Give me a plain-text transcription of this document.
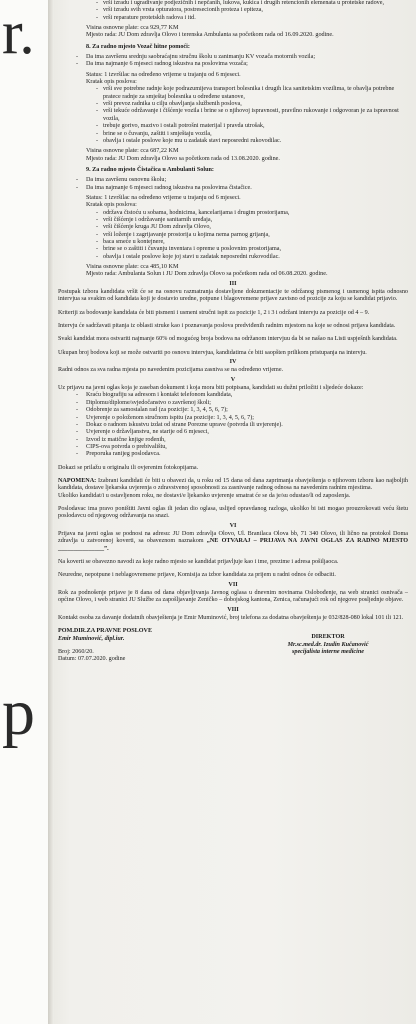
r.
p

- vrši izradu i ugradivanje podjezičnih i nepčanih, lukova, kukica i drugih retencionih elemenata u protetske radove,

- vrši izradu svih vrsta opturatora, postresecionih proteza i epiteza,

- vrši reparature protetskih radova i itd.

Visina osnovne plate: cca 929,77 KM

Mjesto rada: JU Dom zdravlja Olovo i terenska Ambulanta sa početkom rada od 16.09.2020. godine.

8. Za radno mjesto Vozač hitne pomoći:

- Da ima završenu srednju saobraćajnu stručnu školu u zanimanju KV vozača motornih vozila;

- Da ima najmanje 6 mjeseci radnog iskustva na poslovima vozača;

Status: 1 izvršilac na određeno vrijeme u trajanju od 6 mjeseci.

Kratak opis poslova:

- vrši sve potrebne radnje koje podrazumijeva transport bolesnika i drugih lica sanitetskim vozilima, te obavlja potrebne pratece radnje za smještaj bolesnika u određene ustanove,

- vrši prevoz radnika u cilju obavljanja službenih poslova,

- vrši tekuće održavanje i čišćenje vozila i brine se o njihovoj ispravnosti, pravilno rukovanje i odgovoran je za ispravnost vozila,

- trebuje gorivo, mazivo i ostali potrošni materijal i pravda utrošak,

- brine se o čuvanju, zaštiti i smještaju vozila,

- obavlja i ostale poslove koje mu u zadatak stavi neposredni rukovodilac.

Visina osnovne plate: cca 687,22 KM

Mjesto rada: JU Dom zdravlja Olovo sa početkom rada od 13.08.2020. godine.

9. Za radno mjesto Čistačica u Ambulanti Solun:

- Da ima završenu osnovnu školu;

- Da ima najmanje 6 mjeseci radnog iskustva na poslovima čistačice.

Status: 1 izvršilac na određeno vrijeme u trajanju od 6 mjeseci.

Kratak opis poslova:

- održava čistoću u sobama, hodnicima, kancelarijama i drugim prostorijama,

- vrši čišćenje i održavanje sanitarnih uređaja,

- vrši čišćenje kruga JU Dom zdravlja Olovo,

- vrši loženje i zagrijavanje prostorija u kojima nema parnog grijanja,

- baca smeće u kontejnere,

- brine se o zaštiti i čuvanju inventara i opreme u poslovnim prostorijama,

- obavlja i ostale poslove koje joj stavi u zadatak neposredni rukovodilac.

Visina osnovne plate: cca 485,10 KM

Mjesto rada: Ambulanta Solun i JU Dom zdravlja Olovo sa početkom rada od 06.08.2020. godine.

III

Postupak izbora kandidata vršit će se na osnovu razmatranja dostavljene dokumentacije te održanog pismenog i usmenog ispita odnosno intervjua sa svakim od kandidata koji je dostavio uredne, potpune i blagovremene prijave zavisno od pozicije za koju se kandidat prijavio.

Kriteriji za bodovanje kandidata će biti pismeni i usmeni stručni ispit za pozicije 1, 2 i 3 i održani intervju za pozicije od 4 – 9.

Intervju će sadržavati pitanja iz oblasti struke kao i poznavanja poslova predviđenih radnim mjestom na koje se odnosi prijava kandidata.

Svaki kandidat mora ostvariti najmanje 60% od mogućeg broja bodova na održanom intervjuu da bi se našao na Listi uspješnih kandidata.

Ukupan broj bodova koji se može ostvariti po osnovu intervjua, kandidatima će biti saopšten prilikom pristupanja na intervju.

IV

Radni odnos za sva radna mjesta po navedenim pozicijama zasniva se na određeno vrijeme.

V

Uz prijavu na javni oglas koja je zaseban dokument i koja mora biti potpisana, kandidati su dužni priložiti i sljedeće dokaze:

- Kraću biografiju sa adresom i kontakt telefonom kandidata,

- Diplomu/diplome/svjedočanstvo o završenoj školi;

- Odobrenje za samostalan rad (za pozicije: 1, 3, 4, 5, 6, 7);

- Uvjerenje o položenom stručnom ispitu (za pozicije: 1, 3, 4, 5, 6, 7);

- Dokaz o radnom iskustvu izdat od strane Porezne uprave (potvrda ili uvjerenje).

- Uvjerenje o državljanstvu, ne starije od 6 mjeseci,

- Izvod iz matične knjige rođenih,

- CIPS-ova potvrda o prebivalištu,

- Preporuka ranijeg poslodavca.

Dokazi se prilažu u originalu ili ovjerenim fotokopijama.

NAPOMENA: Izabrani kandidati će biti u obavezi da, u roku od 15 dana od dana zaprimanja obavještenja o njihovom izboru kao najboljih kandidata, dostave ljekarska uvjerenja o zdravstvenoj sposobnosti za zasnivanje radnog odnosa na navedenim radnim mjestima.

Ukoliko kandidat/i u ostavljenom roku, ne dostavi/e ljekarsko uvjerenje smatrat će se da je/su odustao/li od zaposlenja.

Poslodavac ima pravo poništiti Javni oglas ili jedan dio oglasa, uslijed opravdanog razloga, ukoliko bi isti mogao prouzrokovati veću štetu poslodavcu od njegovog održavanja na snazi.

VI

Prijava na javni oglas se podnosi na adresu: JU Dom zdravlja Olovo, Ul. Branilaca Olova bb, 71 340 Olovo, ili lično na protokol Doma zdravlja u zatvorenoj koverti, sa obaveznom naznakom „NE OTVARAJ – PRIJAVA NA JAVNI OGLAS ZA RADNO MJESTO _______________”.

Na koverti se obavezno navodi za koje radno mjesto se kandidat prijavljuje kao i ime, prezime i adresa pošiljaoca.

Neuredne, nepotpune i neblagovremene prijave, Komisija za izbor kandidata za prijem u radni odnos će odbaciti.

VII

Rok za podnošenje prijave je 8 dana od dana objavljivanja Javnog oglasa u dnevnim novinama Oslobođenje, na web stranici osnivača – općine Olovo, i web stranici JU Službe za zapošljavanje Zeničko – dobojskog kantona, Zenica, računajući rok od njegove posljednje objave.

VIII

Kontakt osoba za davanje dodatnih obavještenja je Emir Muminović, broj telefona za dodatna obavještenja je 032/828-080 lokal 101 ili 121.

POM.DIR.ZA PRAVNE POSLOVE

Emir Muminović, dipl.iur.

Broj: 2060/20.

Datum: 07.07.2020. godine

DIREKTOR

Mr.sc.med.dr. Izudin Kučanović

specijalista interne medicine
